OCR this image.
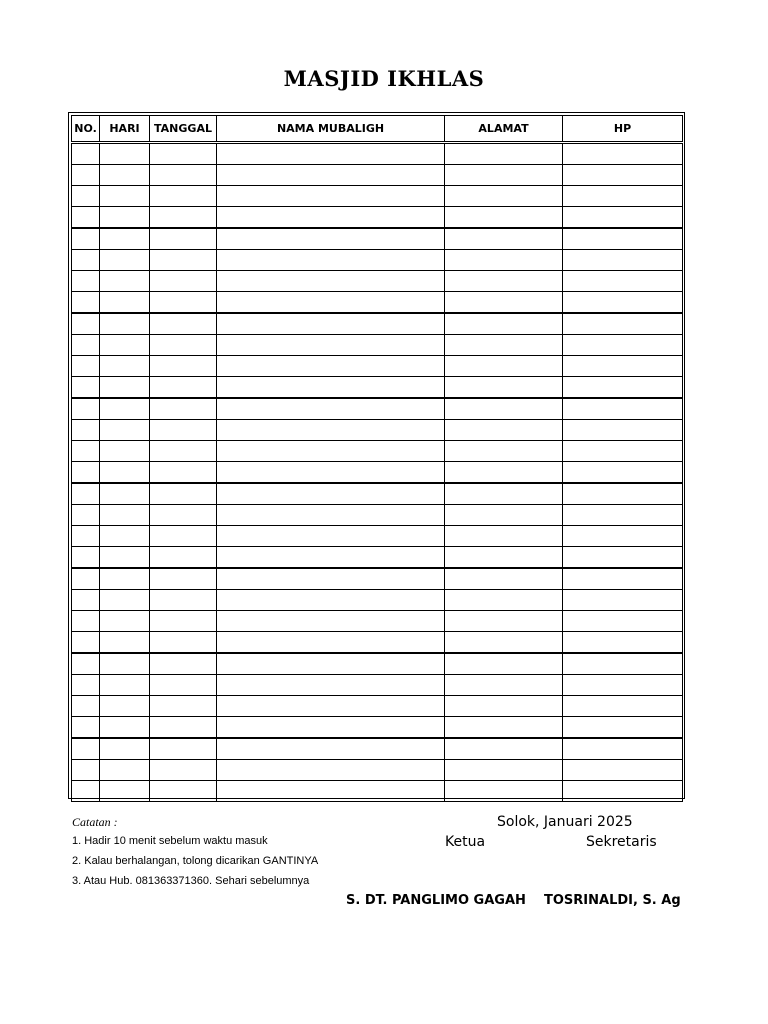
MASJID IKHLAS
NO.	HARI	TANGGAL	NAMA MUBALIGH	ALAMAT	HP

Catatan :
1. Hadir 10 menit sebelum waktu masuk
2. Kalau berhalangan, tolong dicarikan GANTINYA
3. Atau Hub. 081363371360. Sehari sebelumnya
Solok, Januari 2025
Ketua	Sekretaris
S. DT. PANGLIMO GAGAH TOSRINALDI, S. Ag
